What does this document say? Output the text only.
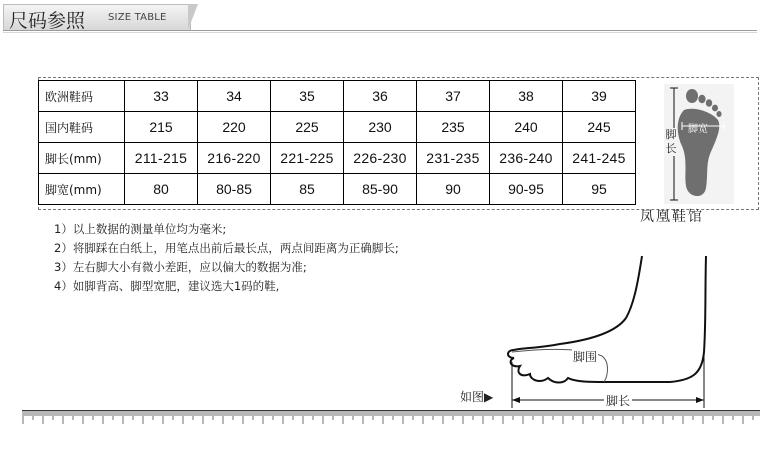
尺码参照 SIZE TABLE
欧洲鞋码	33	34	35	36	37	38	39
国内鞋码	215	220	225	230	235	240	245
脚长(mm)	211-215	216-220	221-225	226-230	231-235	236-240	241-245
脚宽(mm)	80	80-85	85	85-90	90	90-95	95
脚长
脚宽
凤凰鞋馆
1）以上数据的测量单位均为毫米;
2）将脚踩在白纸上，用笔点出前后最长点，两点间距离为正确脚长;
3）左右脚大小有微小差距，应以偏大的数据为准;
4）如脚背高、脚型宽肥，建议选大1码的鞋,
脚围
脚长
如图▶
